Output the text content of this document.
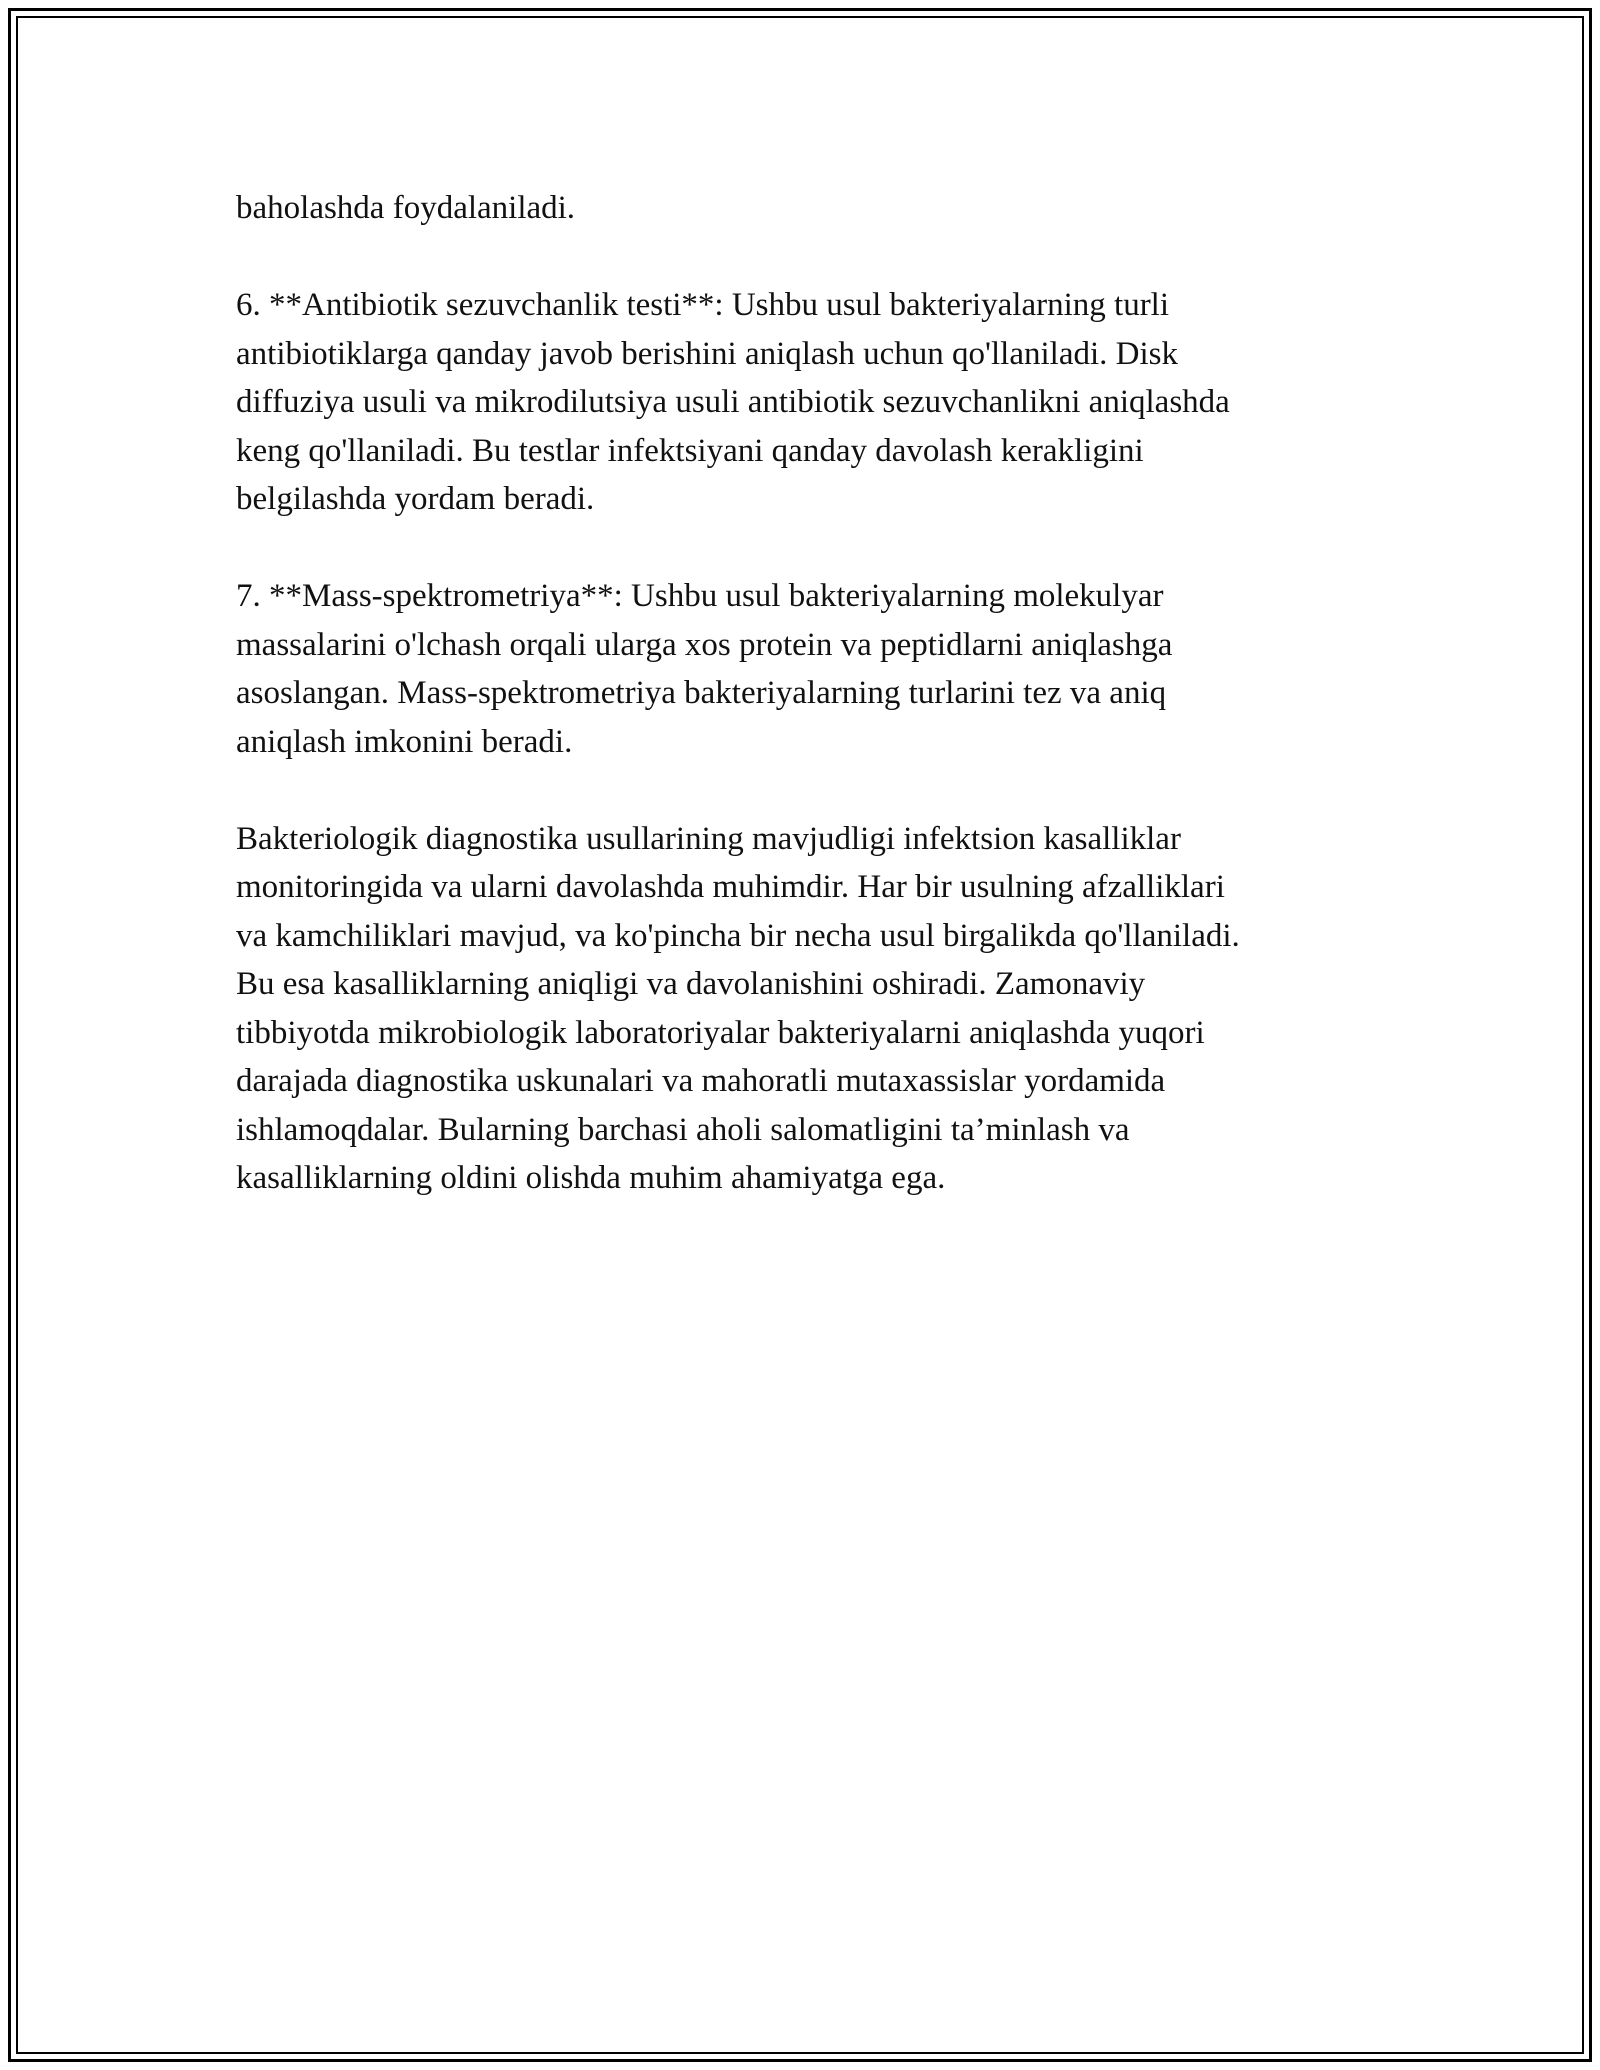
baholashda foydalaniladi.
6. **Antibiotik sezuvchanlik testi**: Ushbu usul bakteriyalarning turli
antibiotiklarga qanday javob berishini aniqlash uchun qo'llaniladi. Disk
diffuziya usuli va mikrodilutsiya usuli antibiotik sezuvchanlikni aniqlashda
keng qo'llaniladi. Bu testlar infektsiyani qanday davolash kerakligini
belgilashda yordam beradi.
7. **Mass-spektrometriya**: Ushbu usul bakteriyalarning molekulyar
massalarini o'lchash orqali ularga xos protein va peptidlarni aniqlashga
asoslangan. Mass-spektrometriya bakteriyalarning turlarini tez va aniq
aniqlash imkonini beradi.
Bakteriologik diagnostika usullarining mavjudligi infektsion kasalliklar
monitoringida va ularni davolashda muhimdir. Har bir usulning afzalliklari
va kamchiliklari mavjud, va ko'pincha bir necha usul birgalikda qo'llaniladi.
Bu esa kasalliklarning aniqligi va davolanishini oshiradi. Zamonaviy
tibbiyotda mikrobiologik laboratoriyalar bakteriyalarni aniqlashda yuqori
darajada diagnostika uskunalari va mahoratli mutaxassislar yordamida
ishlamoqdalar. Bularning barchasi aholi salomatligini ta’minlash va
kasalliklarning oldini olishda muhim ahamiyatga ega.
